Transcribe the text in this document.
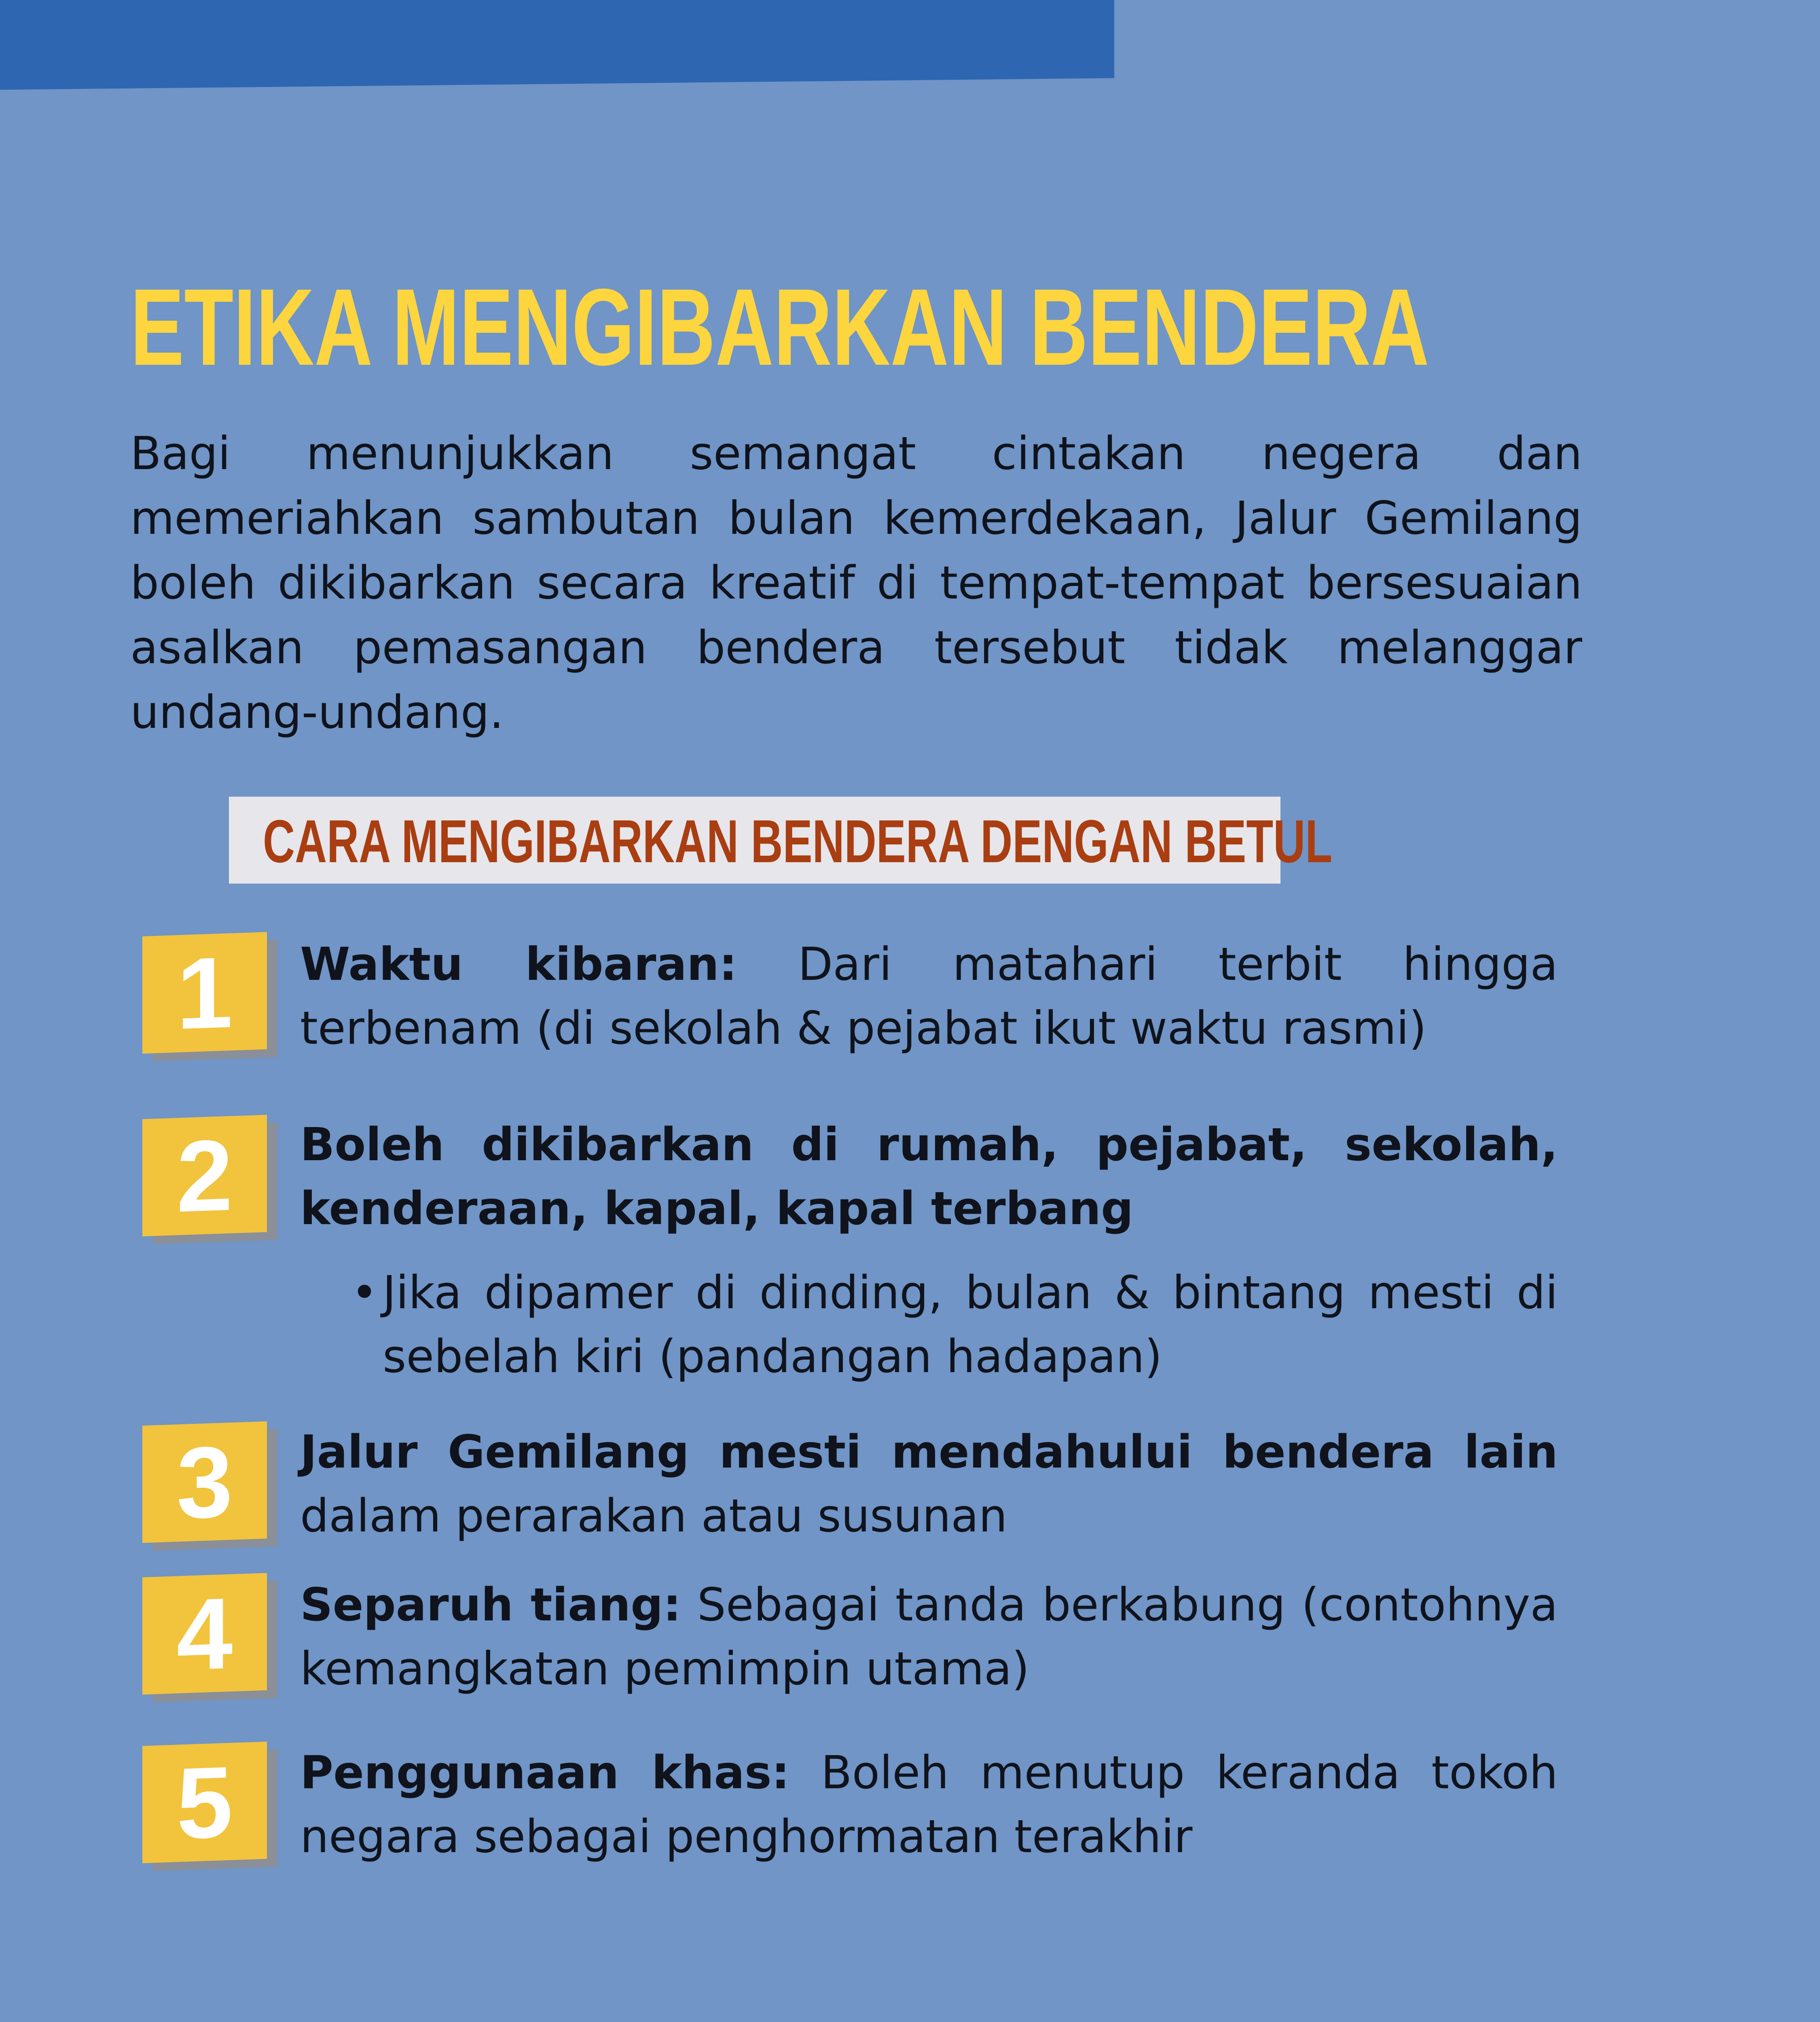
ETIKA MENGIBARKAN BENDERA

Bagi menunjukkan semangat cintakan negera dan memeriahkan sambutan bulan kemerdekaan, Jalur Gemilang boleh dikibarkan secara kreatif di tempat-tempat bersesuaian asalkan pemasangan bendera tersebut tidak melanggar undang-undang.

CARA MENGIBARKAN BENDERA DENGAN BETUL
1	Waktu kibaran: Dari matahari terbit hingga terbenam (di sekolah & pejabat ikut waktu rasmi)

2	Boleh dikibarkan di rumah, pejabat, sekolah, kenderaan, kapal, kapal terbang

• Jika dipamer di dinding, bulan & bintang mesti di sebelah kiri (pandangan hadapan)

3	Jalur Gemilang mesti mendahului bendera lain dalam perarakan atau susunan

4	Separuh tiang: Sebagai tanda berkabung (contohnya kemangkatan pemimpin utama)

5	Penggunaan khas: Boleh menutup keranda tokoh negara sebagai penghormatan terakhir
